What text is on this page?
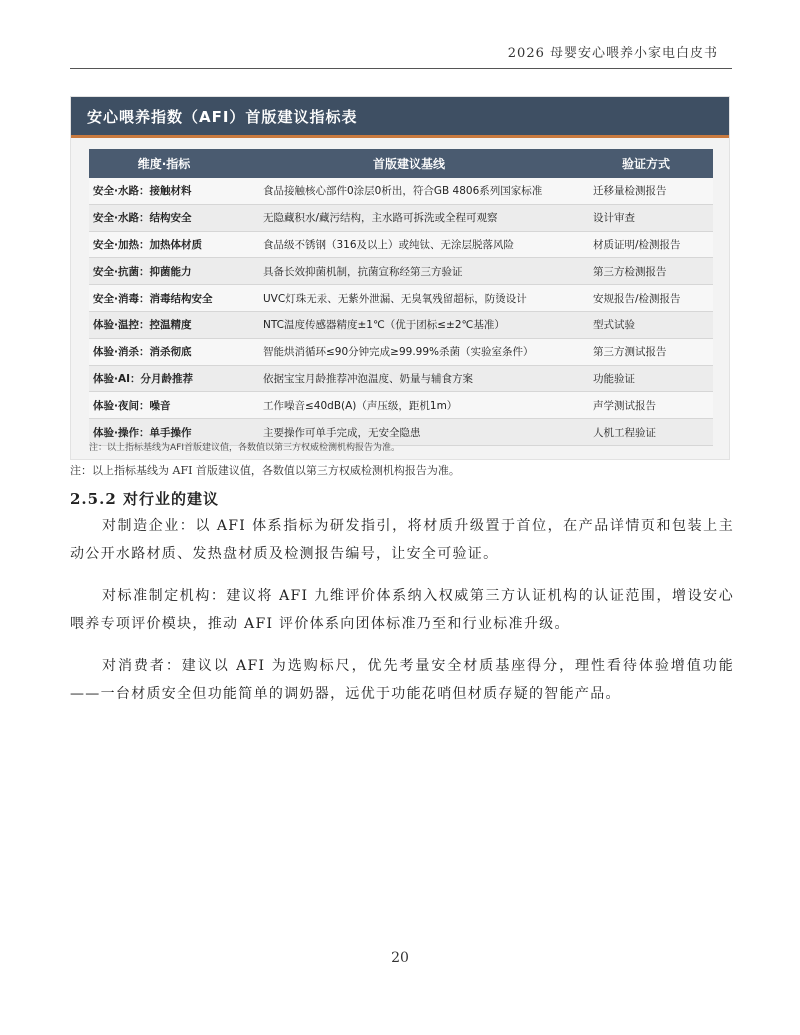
2026 母婴安心喂养小家电白皮书
安心喂养指数（AFI）首版建议指标表
维度·指标	首版建议基线	验证方式
安全·水路：接触材料	食品接触核心部件0涂层0析出，符合GB 4806系列国家标准	迁移量检测报告
安全·水路：结构安全	无隐藏积水/藏污结构，主水路可拆洗或全程可观察	设计审查
安全·加热：加热体材质	食品级不锈钢（316及以上）或纯钛、无涂层脱落风险	材质证明/检测报告
安全·抗菌：抑菌能力	具备长效抑菌机制，抗菌宣称经第三方验证	第三方检测报告
安全·消毒：消毒结构安全	UVC灯珠无汞、无紫外泄漏、无臭氧残留超标，防烫设计	安规报告/检测报告
体验·温控：控温精度	NTC温度传感器精度±1℃（优于团标≤±2℃基准）	型式试验
体验·消杀：消杀彻底	智能烘消循环≤90分钟完成≥99.99%杀菌（实验室条件）	第三方测试报告
体验·AI：分月龄推荐	依据宝宝月龄推荐冲泡温度、奶量与辅食方案	功能验证
体验·夜间：噪音	工作噪音≤40dB(A)（声压级，距机1m）	声学测试报告
体验·操作：单手操作	主要操作可单手完成，无安全隐患	人机工程验证
注：以上指标基线为AFI首版建议值，各数值以第三方权威检测机构报告为准。
注：以上指标基线为 AFI 首版建议值，各数值以第三方权威检测机构报告为准。
2.5.2 对行业的建议

对制造企业：以 AFI 体系指标为研发指引，将材质升级置于首位，在产品详情页和包装上主动公开水路材质、发热盘材质及检测报告编号，让安全可验证。

对标准制定机构：建议将 AFI 九维评价体系纳入权威第三方认证机构的认证范围，增设安心喂养专项评价模块，推动 AFI 评价体系向团体标准乃至和行业标准升级。

对消费者：建议以 AFI 为选购标尺，优先考量安全材质基座得分，理性看待体验增值功能——一台材质安全但功能简单的调奶器，远优于功能花哨但材质存疑的智能产品。

20
